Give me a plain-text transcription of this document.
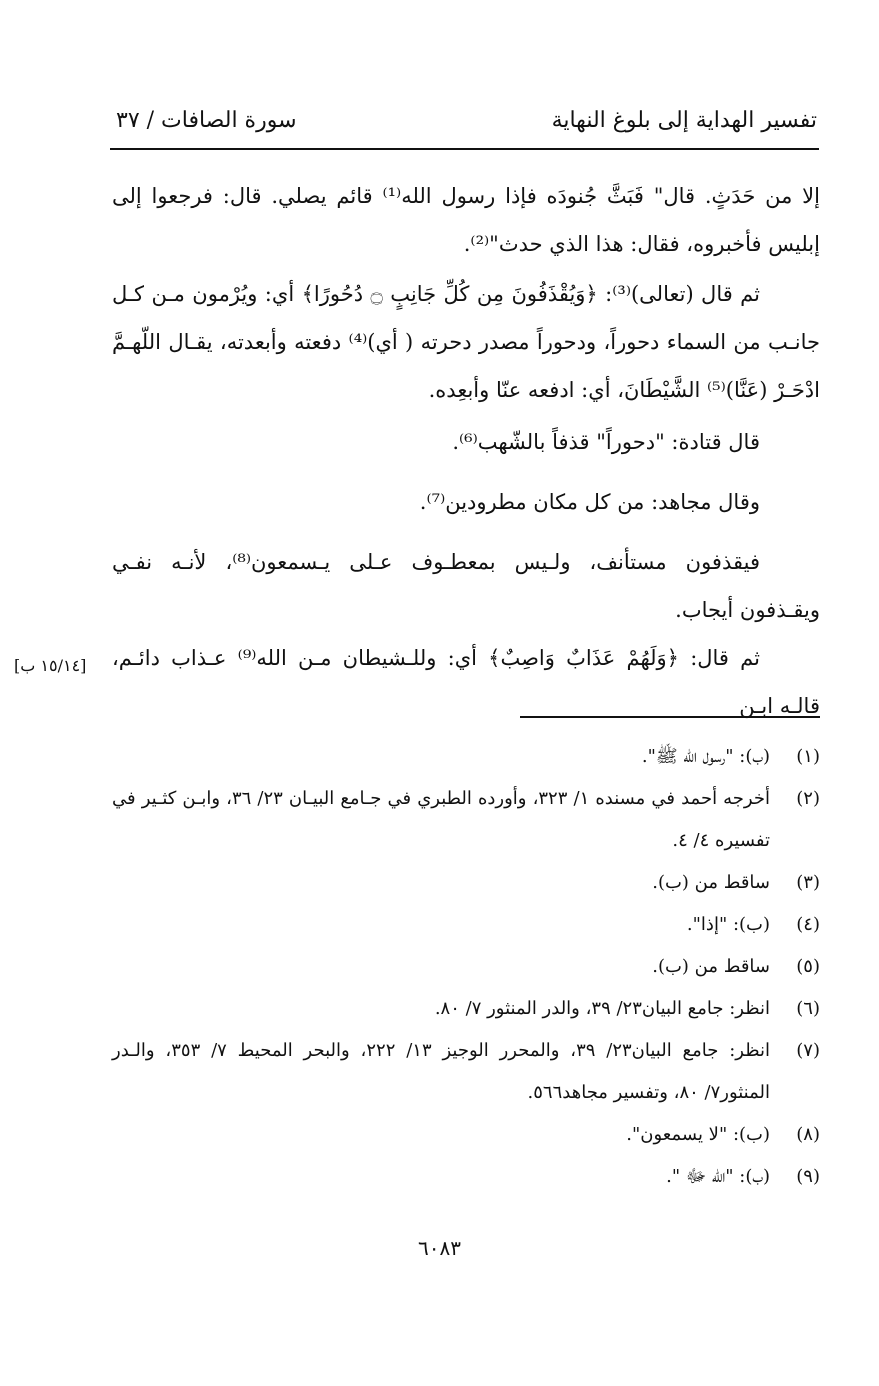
تفسير الهداية إلى بلوغ النهاية
سورة الصافات / ٣٧
إلا من حَدَثٍ. قال" فَبَثَّ جُنودَه فإذا رسول الله⁽¹⁾ قائم يصلي. قال: فرجعوا إلى إبليس فأخبروه، فقال: هذا الذي حدث"⁽²⁾.
ثم قال (تعالى)⁽³⁾: ﴿وَيُقْذَفُونَ مِن كُلِّ جَانِبٍ ۝ دُحُورًا﴾ أي: ويُرْمون مـن كـل جانـب من السماء دحوراً، ودحوراً مصدر دحرته ( أي)⁽⁴⁾ دفعته وأبعدته، يقـال اللّهـمَّ ادْحَـرْ (عَنَّا)⁽⁵⁾ الشَّيْطَانَ، أي: ادفعه عنّا وأبعِده.
قال قتادة: "دحوراً" قذفاً بالشّهب⁽⁶⁾.
وقال مجاهد: من كل مكان مطرودين⁽⁷⁾.
فيقذفون مستأنف، ولـيس بمعطـوف عـلى يـسمعون⁽⁸⁾، لأنـه نفـي ويقـذفون أيجاب.
ثم قال: ﴿وَلَهُمْ عَذَابٌ وَاصِبٌ﴾ أي: وللـشيطان مـن الله⁽⁹⁾ عـذاب دائـم، قالـه ابـن
[١٥/١٤ ب]
(١)
(ب): "رسول الله ﷺ".
(٢)
أخرجه أحمد في مسنده ١/ ٣٢٣، وأورده الطبري في جـامع البيـان ٢٣/ ٣٦، وابـن كثـير في تفسيره ٤/ ٤.
(٣)
ساقط من (ب).
(٤)
(ب): "إذا".
(٥)
ساقط من (ب).
(٦)
انظر: جامع البيان٢٣/ ٣٩، والدر المنثور ٧/ ٨٠.
(٧)
انظر: جامع البيان٢٣/ ٣٩، والمحرر الوجيز ١٣/ ٢٢٢، والبحر المحيط ٧/ ٣٥٣، والـدر المنثور٧/ ٨٠، وتفسير مجاهد٥٦٦.
(٨)
(ب): "لا يسمعون".
(٩)
(ب): "الله ﷻ ".
٦٠٨٣
